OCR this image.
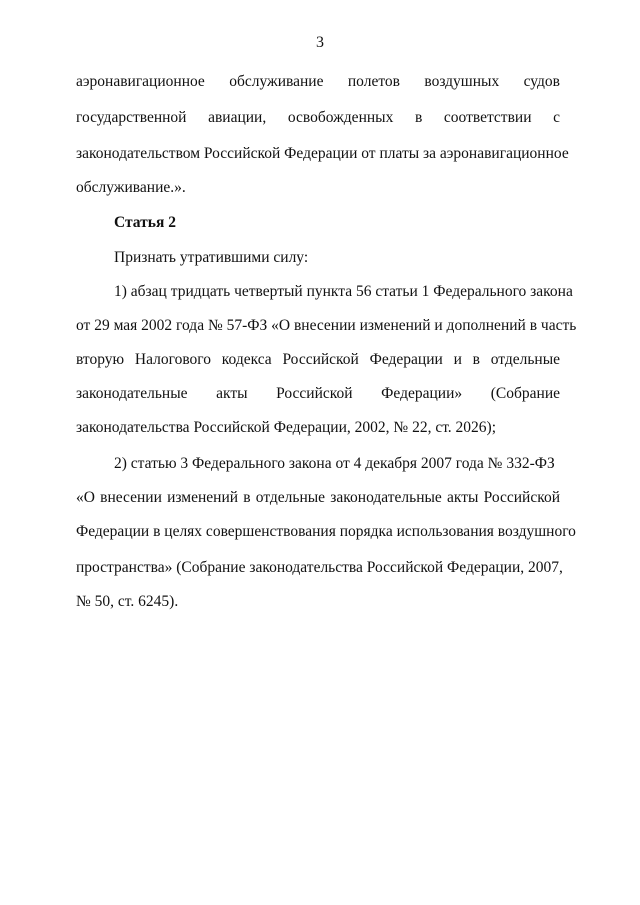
3
аэронавигационное обслуживание полетов воздушных судов
государственной авиации, освобожденных в соответствии с
законодательством Российской Федерации от платы за аэронавигационное
обслуживание.».
Статья 2
Признать утратившими силу:
1) абзац тридцать четвертый пункта 56 статьи 1 Федерального закона
от 29 мая 2002 года № 57-ФЗ «О внесении изменений и дополнений в часть
вторую Налогового кодекса Российской Федерации и в отдельные
законодательные акты Российской Федерации» (Собрание
законодательства Российской Федерации, 2002, № 22, ст. 2026);
2) статью 3 Федерального закона от 4 декабря 2007 года № 332-ФЗ
«О внесении изменений в отдельные законодательные акты Российской
Федерации в целях совершенствования порядка использования воздушного
пространства» (Собрание законодательства Российской Федерации, 2007,
№ 50, ст. 6245).
